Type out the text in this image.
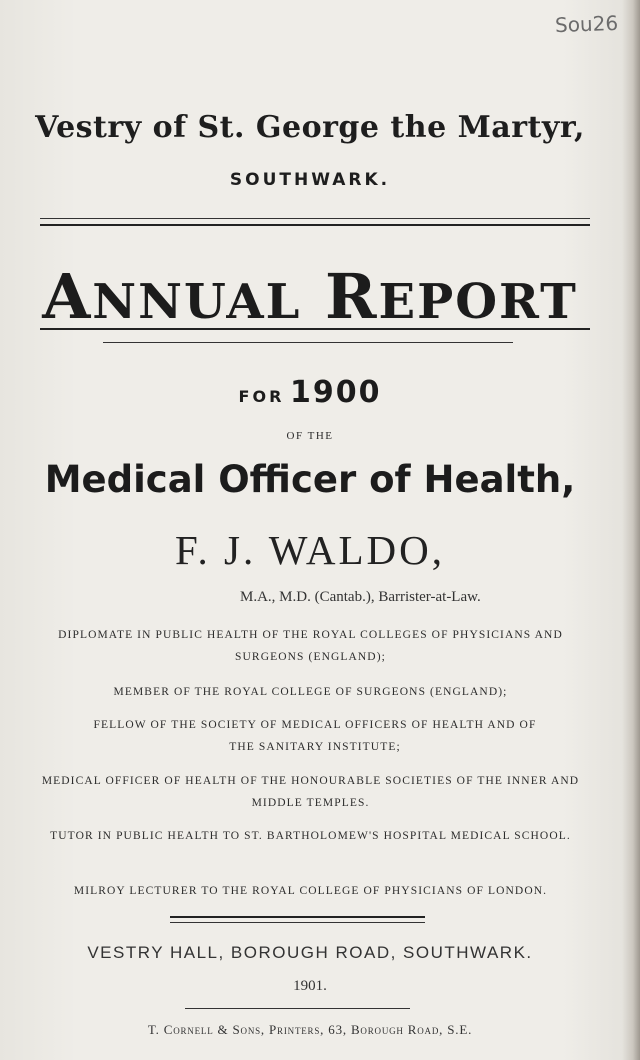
Sou26
Vestry of St. George the Martyr,
SOUTHWARK.
ANNUAL REPORT
FOR 1900
OF THE
Medical Officer of Health,
F. J. WALDO,
M.A., M.D. (Cantab.), Barrister-at-Law.
DIPLOMATE IN PUBLIC HEALTH OF THE ROYAL COLLEGES OF PHYSICIANS AND SURGEONS (ENGLAND);
MEMBER OF THE ROYAL COLLEGE OF SURGEONS (ENGLAND);
FELLOW OF THE SOCIETY OF MEDICAL OFFICERS OF HEALTH AND OF THE SANITARY INSTITUTE;
MEDICAL OFFICER OF HEALTH OF THE HONOURABLE SOCIETIES OF THE INNER AND MIDDLE TEMPLES.
TUTOR IN PUBLIC HEALTH TO ST. BARTHOLOMEW'S HOSPITAL MEDICAL SCHOOL.
MILROY LECTURER TO THE ROYAL COLLEGE OF PHYSICIANS OF LONDON.
VESTRY HALL, BOROUGH ROAD, SOUTHWARK.
1901.
T. Cornell & Sons, Printers, 63, Borough Road, S.E.
